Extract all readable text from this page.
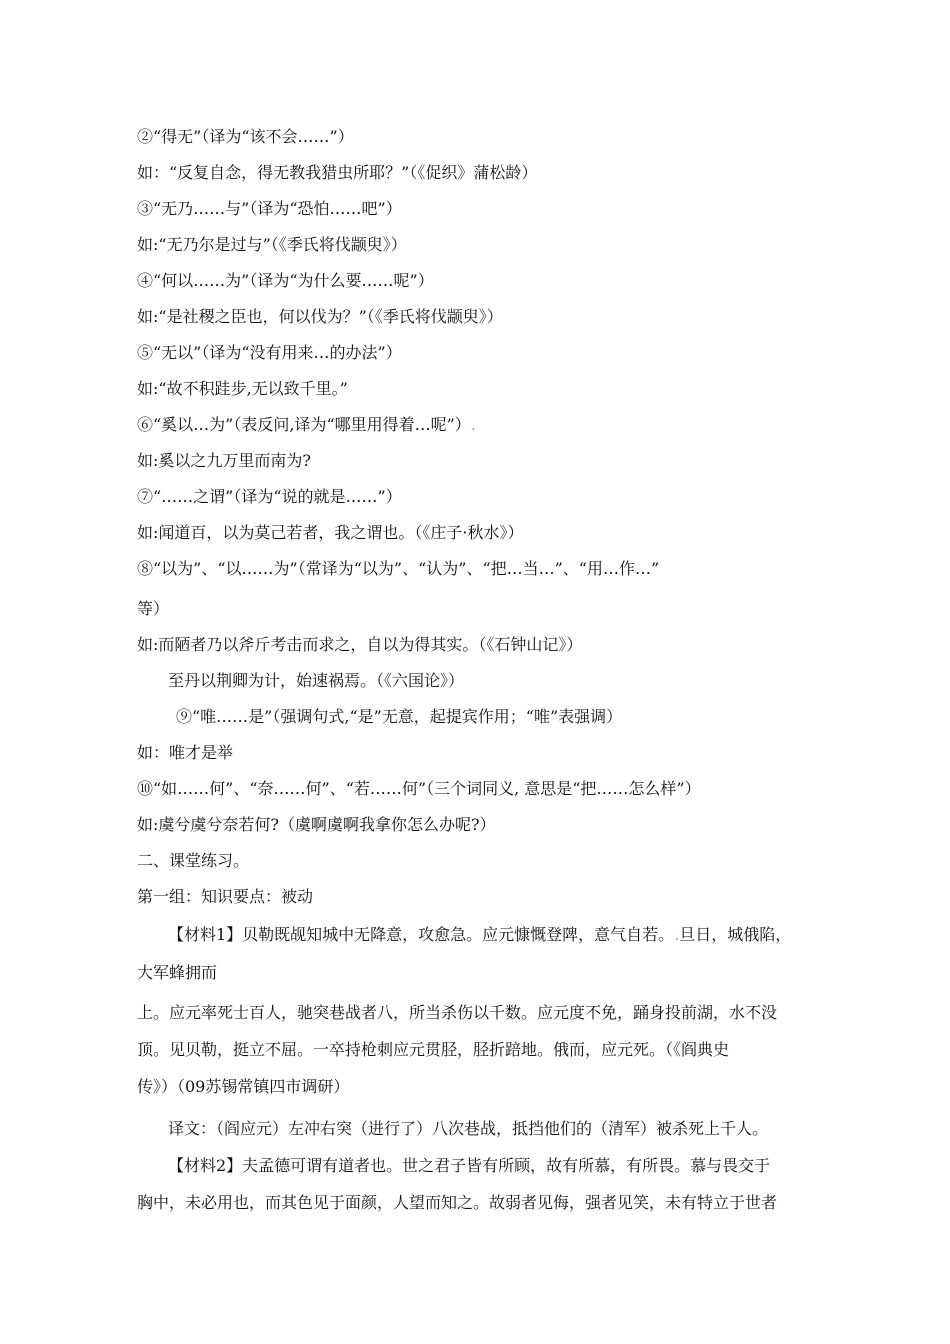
②“得无”（译为“该不会……”）
如：“反复自念，得无教我猎虫所耶？”（《促织》蒲松龄）
③“无乃……与”（译为“恐怕……吧”）
如:“无乃尔是过与”（《季氏将伐颛臾》）
④“何以……为”（译为“为什么要……呢”）
如:“是社稷之臣也，何以伐为？”（《季氏将伐颛臾》）
⑤“无以”（译为“没有用来…的办法”）
如:“故不积跬步,无以致千里。”
⑥“奚以…为”（表反问,译为“哪里用得着…呢”）.
如:奚以之九万里而南为?
⑦“……之谓”（译为“说的就是……”）
如:闻道百，以为莫己若者，我之谓也。（《庄子·秋水》）
⑧“以为”、“以……为”（常译为“以为”、“认为”、“把…当…”、“用…作…”
等）
如:而陋者乃以斧斤考击而求之，自以为得其实。（《石钟山记》）
至丹以荆卿为计，始速祸焉。（《六国论》）
⑨“唯……是”（强调句式,“是”无意，起提宾作用；“唯”表强调）
如：唯才是举
⑩“如……何”、“奈……何”、“若……何”（三个词同义, 意思是“把……怎么样”）
如:虞兮虞兮奈若何?（虞啊虞啊我拿你怎么办呢?）
二、课堂练习。
第一组：知识要点：被动
【材料1】贝勒既觇知城中无降意，攻愈急。应元慷慨登陴，意气自若。.旦日，城俄陷，
大军蜂拥而
上。应元率死士百人，驰突巷战者八，所当杀伤以千数。应元度不免，踊身投前湖，水不没
顶。见贝勒，挺立不屈。一卒持枪刺应元贯胫，胫折踣地。俄而，应元死。（《阎典史
传》）（09苏锡常镇四市调研）
译文：（阎应元）左冲右突（进行了）八次巷战，抵挡他们的（清军）被杀死上千人。
【材料2】夫孟德可谓有道者也。世之君子皆有所顾，故有所慕，有所畏。慕与畏交于
胸中，未必用也，而其色见于面颜，人望而知之。故弱者见侮，强者见笑，未有特立于世者
